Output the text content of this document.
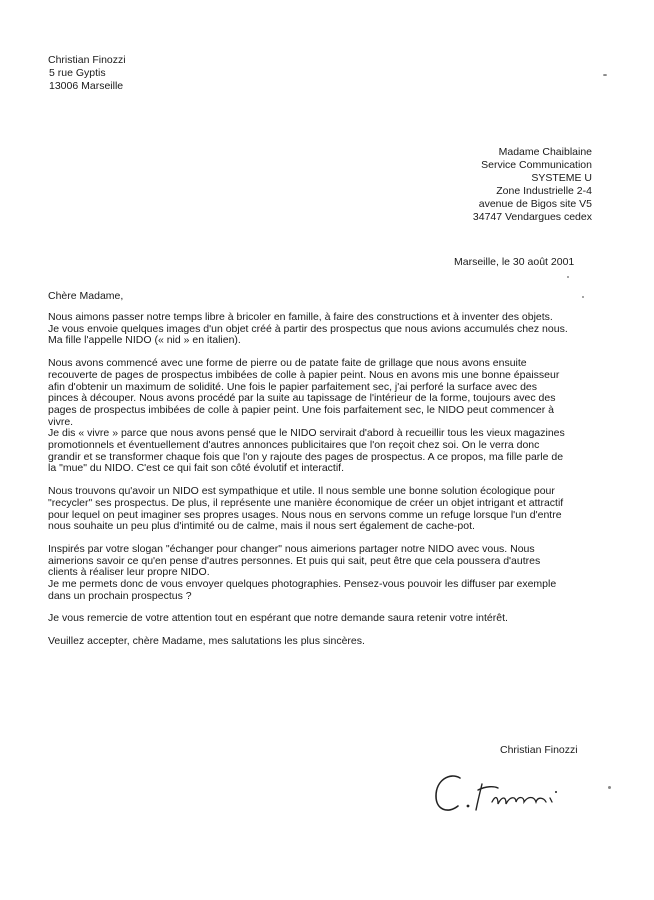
Christian Finozzi
5 rue Gyptis
13006 Marseille
Madame Chaiblaine
Service Communication
SYSTEME U
Zone Industrielle 2-4
avenue de Bigos site V5
34747 Vendargues cedex
Marseille, le 30 août 2001
Chère Madame,

Nous aimons passer notre temps libre à bricoler en famille, à faire des constructions et à inventer des objets.
Je vous envoie quelques images d'un objet créé à partir des prospectus que nous avions accumulés chez nous.
Ma fille l'appelle NIDO (« nid » en italien).

Nous avons commencé avec une forme de pierre ou de patate faite de grillage que nous avons ensuite
recouverte de pages de prospectus imbibées de colle à papier peint. Nous en avons mis une bonne épaisseur
afin d'obtenir un maximum de solidité. Une fois le papier parfaitement sec, j'ai perforé la surface avec des
pinces à découper. Nous avons procédé par la suite au tapissage de l'intérieur de la forme, toujours avec des
pages de prospectus imbibées de colle à papier peint. Une fois parfaitement sec, le NIDO peut commencer à
vivre.
Je dis « vivre » parce que nous avons pensé que le NIDO servirait d'abord à recueillir tous les vieux magazines
promotionnels et éventuellement d'autres annonces publicitaires que l'on reçoit chez soi. On le verra donc
grandir et se transformer chaque fois que l'on y rajoute des pages de prospectus. A ce propos, ma fille parle de
la "mue" du NIDO. C'est ce qui fait son côté évolutif et interactif.

Nous trouvons qu'avoir un NIDO est sympathique et utile. Il nous semble une bonne solution écologique pour
"recycler" ses prospectus. De plus, il représente une manière économique de créer un objet intrigant et attractif
pour lequel on peut imaginer ses propres usages. Nous nous en servons comme un refuge lorsque l'un d'entre
nous souhaite un peu plus d'intimité ou de calme, mais il nous sert également de cache-pot.

Inspirés par votre slogan "échanger pour changer" nous aimerions partager notre NIDO avec vous. Nous
aimerions savoir ce qu'en pense d'autres personnes. Et puis qui sait, peut être que cela poussera d'autres
clients à réaliser leur propre NIDO.
Je me permets donc de vous envoyer quelques photographies. Pensez-vous pouvoir les diffuser par exemple
dans un prochain prospectus ?

Je vous remercie de votre attention tout en espérant que notre demande saura retenir votre intérêt.

Veuillez accepter, chère Madame, mes salutations les plus sincères.

Christian Finozzi
